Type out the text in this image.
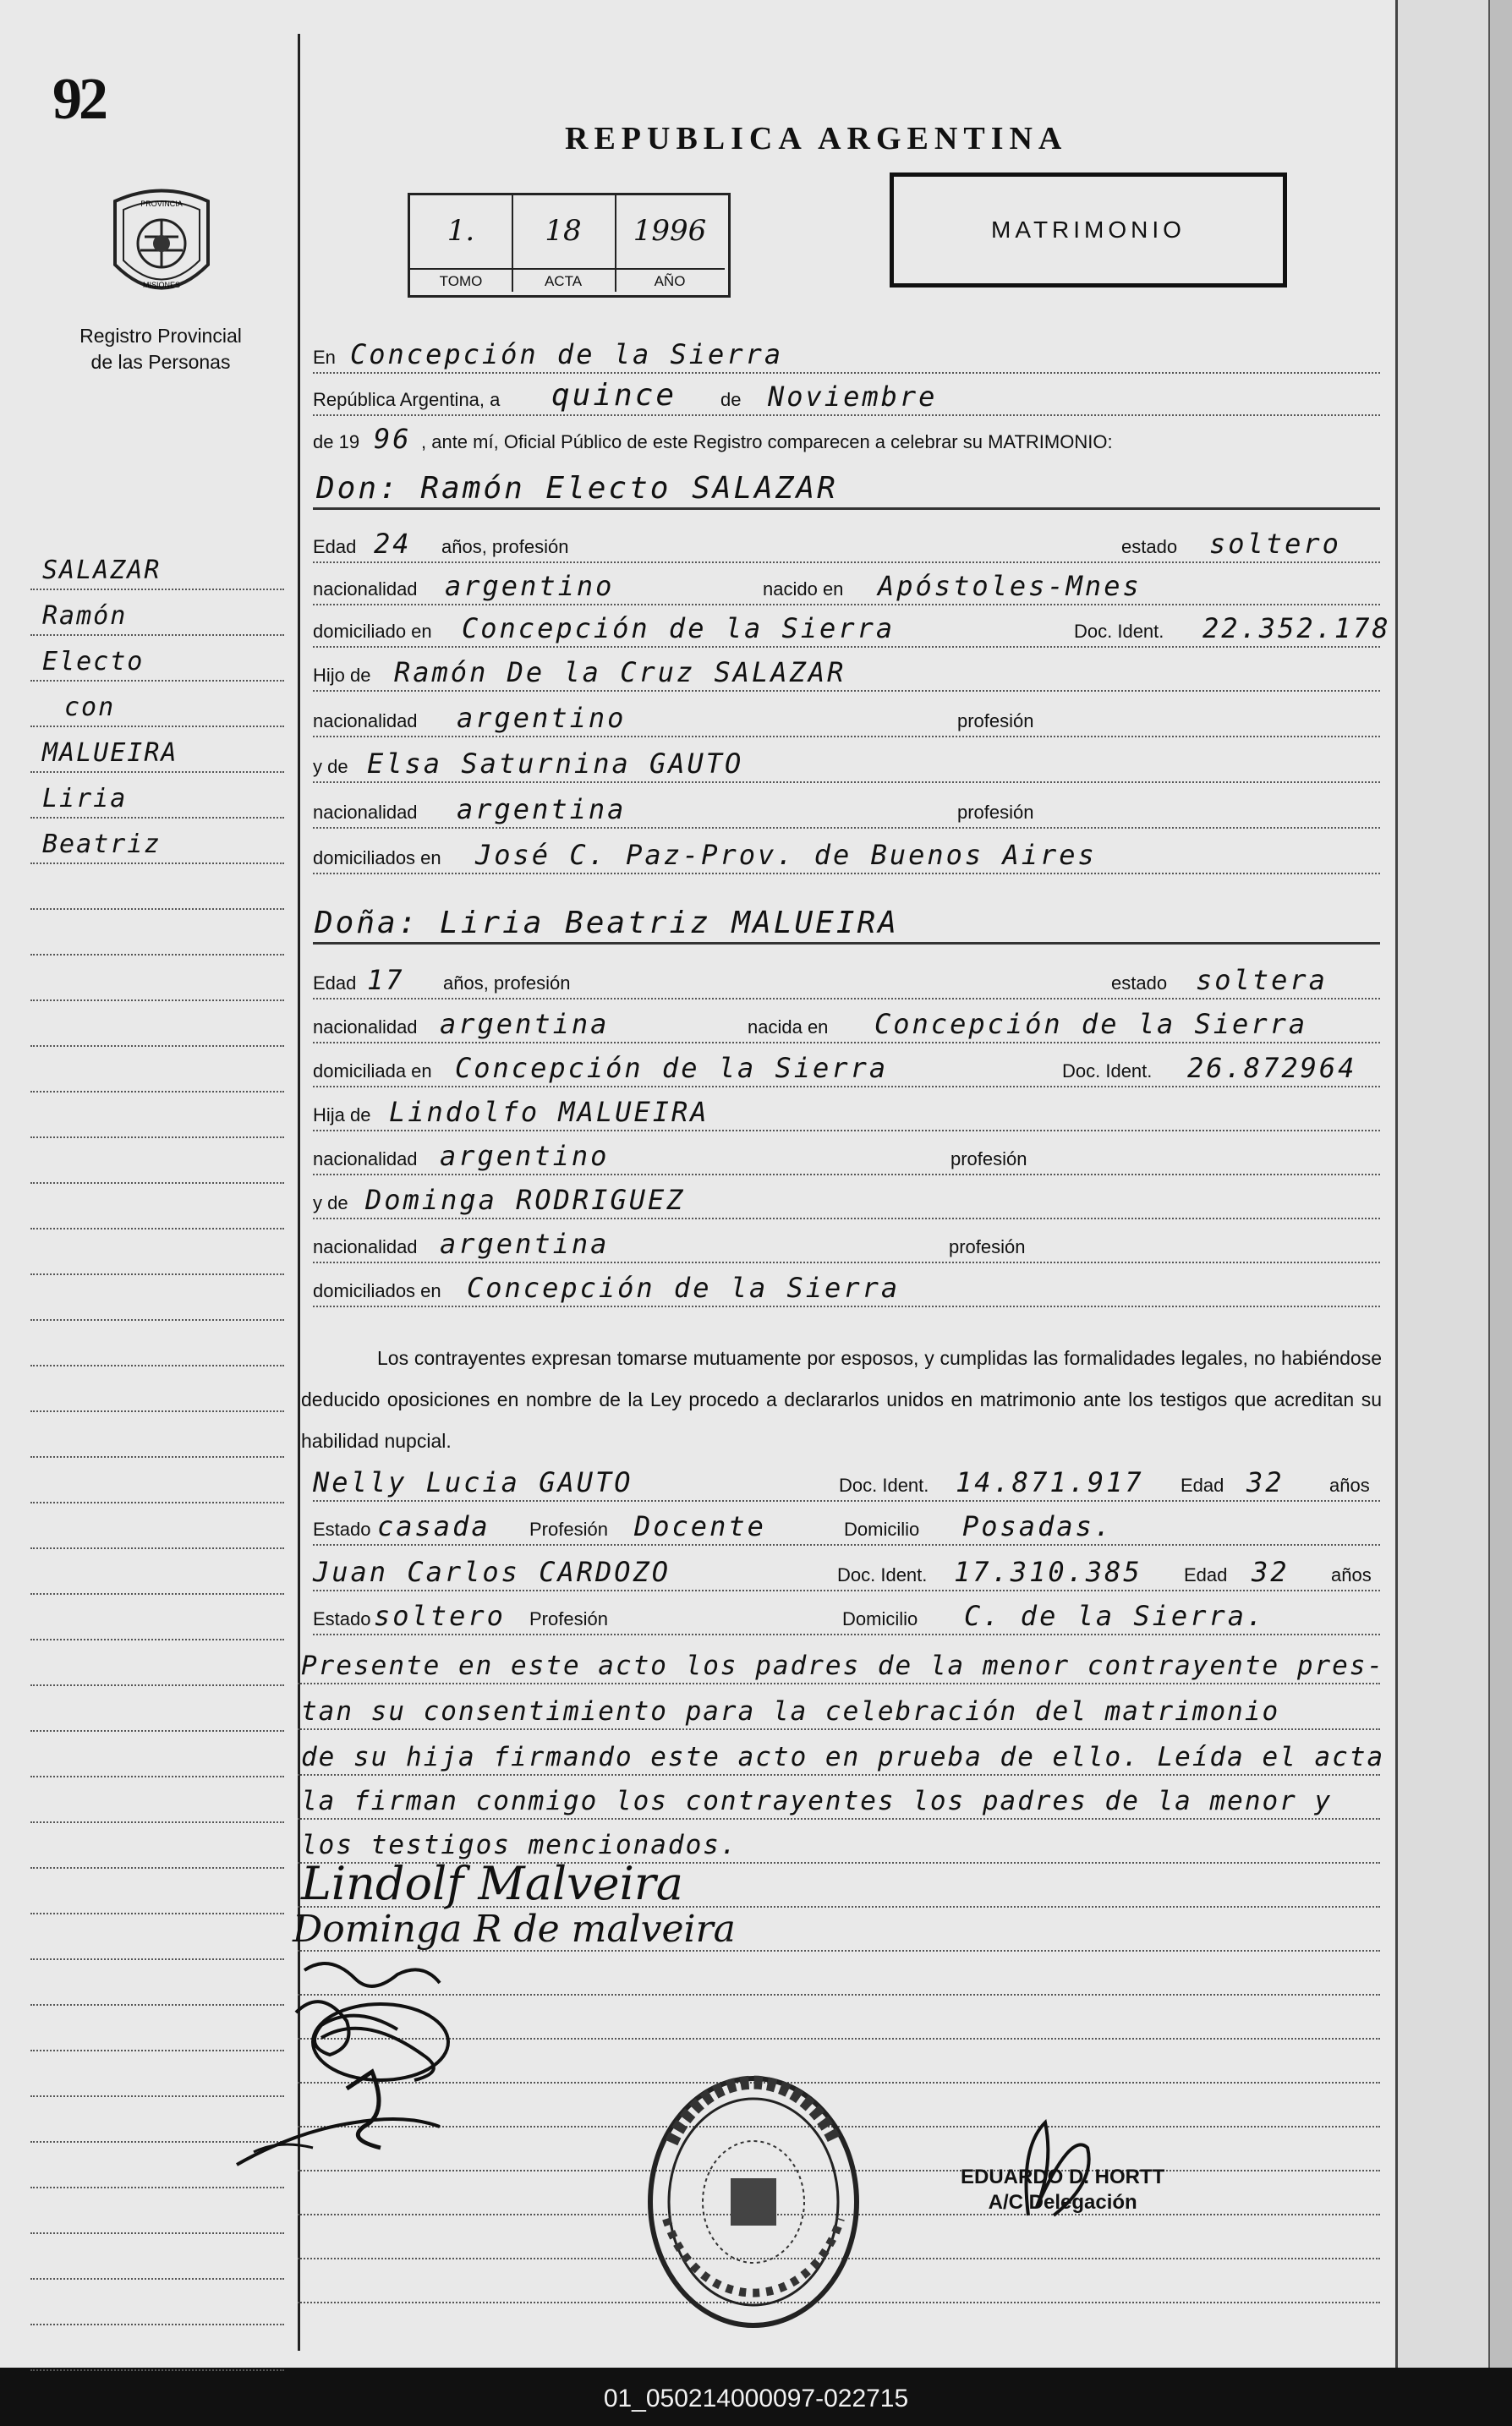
01_050214000097-022715
92
PROVINCIA
MISIONES
Registro Provincial
de las Personas
SALAZAR
Ramón
Electo
con
MALUEIRA
Liria
Beatriz
REPUBLICA ARGENTINA
1.
TOMO
18
ACTA
1996
AÑO
MATRIMONIO
En Concepción de la Sierra
República Argentina, a quince de Noviembre
de 19 96 , ante mí, Oficial Público de este Registro comparecen a celebrar su MATRIMONIO:
Don: Ramón Electo SALAZAR
Edad 24 años, profesión	estado soltero
nacionalidad argentino	nacido en Apóstoles-Mnes
domiciliado en Concepción de la Sierra	Doc. Ident. 22.352.178
Hijo de Ramón De la Cruz SALAZAR
nacionalidad argentino	profesión
y de Elsa Saturnina GAUTO
nacionalidad argentina	profesión
domiciliados en José C. Paz-Prov. de Buenos Aires
Doña: Liria Beatriz MALUEIRA
Edad 17 años, profesión	estado soltera
nacionalidad argentina	nacida en Concepción de la Sierra
domiciliada en Concepción de la Sierra	Doc. Ident. 26.872964
Hija de Lindolfo MALUEIRA
nacionalidad argentino	profesión
y de Dominga RODRIGUEZ
nacionalidad argentina	profesión
domiciliados en Concepción de la Sierra
Los contrayentes expresan tomarse mutuamente por esposos, y cumplidas las formalidades legales, no habiéndose deducido oposiciones en nombre de la Ley procedo a declararlos unidos en matrimonio ante los testigos que acreditan su habilidad nupcial.
Nelly Lucia GAUTO	Doc. Ident. 14.871.917 Edad 32 años
Estado casada Profesión Docente	Domicilio Posadas.
Juan Carlos CARDOZO	Doc. Ident. 17.310.385 Edad 32 años
Estado soltero Profesión	Domicilio C. de la Sierra.
Presente en este acto los padres de la menor contrayente pres-
tan su consentimiento para la celebración del matrimonio
de su hija firmando este acto en prueba de ello. Leída el acta
la firman conmigo los contrayentes los padres de la menor y
los testigos mencionados.
Lindolf Malveira
Dominga R de malveira
EDUARDO D. HORTT
A/C Delegación
